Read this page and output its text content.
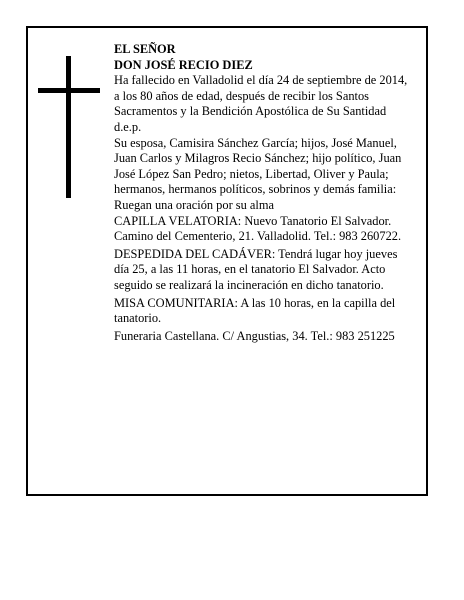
EL SEÑOR

DON JOSÉ RECIO DIEZ

Ha fallecido en Valladolid el día 24 de septiembre de 2014, a los 80 años de edad, después de recibir los Santos Sacramentos y la Bendición Apostólica de Su Santidad

d.e.p.

Su esposa, Camisira Sánchez García; hijos, José Manuel, Juan Carlos y Milagros Recio Sánchez; hijo político, Juan José López San Pedro; nietos, Libertad, Oliver y Paula; hermanos, hermanos políticos, sobrinos y demás familia:

Ruegan una oración por su alma

CAPILLA VELATORIA: Nuevo Tanatorio El Salvador. Camino del Cementerio, 21. Valladolid. Tel.: 983 260722.

DESPEDIDA DEL CADÁVER: Tendrá lugar hoy jueves día 25, a las 11 horas, en el tanatorio El Salvador. Acto seguido se realizará la incineración en dicho tanatorio.

MISA COMUNITARIA: A las 10 horas, en la capilla del tanatorio.

Funeraria Castellana. C/ Angustias, 34. Tel.: 983 251225
